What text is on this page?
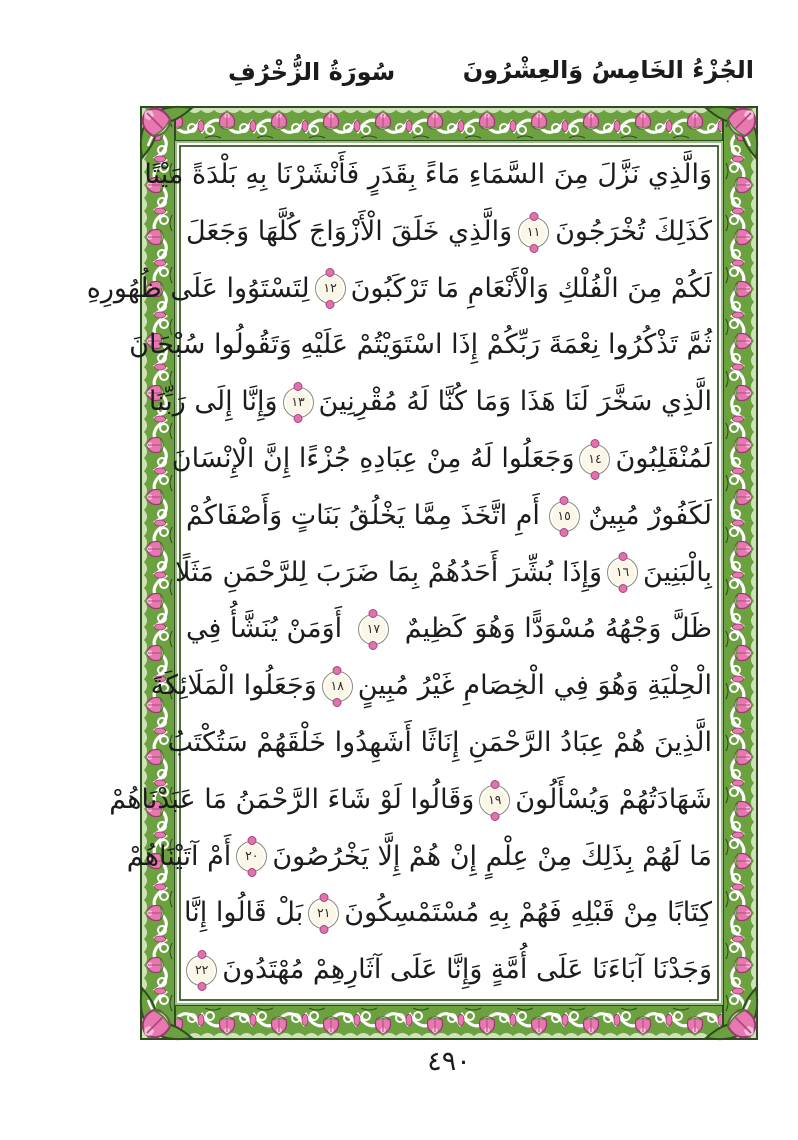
الجُزْءُ الخَامِسُ وَالعِشْرُونَ
سُورَةُ الزُّخْرُفِ
وَالَّذِي نَزَّلَ مِنَ السَّمَاءِ مَاءً بِقَدَرٍ فَأَنْشَرْنَا بِهِ بَلْدَةً مَيْتًا
كَذَلِكَ تُخْرَجُونَ
١١
وَالَّذِي خَلَقَ الْأَزْوَاجَ كُلَّهَا وَجَعَلَ
لَكُمْ مِنَ الْفُلْكِ وَالْأَنْعَامِ مَا تَرْكَبُونَ
١٢
لِتَسْتَوُوا عَلَى ظُهُورِهِ
ثُمَّ تَذْكُرُوا نِعْمَةَ رَبِّكُمْ إِذَا اسْتَوَيْتُمْ عَلَيْهِ وَتَقُولُوا سُبْحَانَ
الَّذِي سَخَّرَ لَنَا هَذَا وَمَا كُنَّا لَهُ مُقْرِنِينَ
١٣
وَإِنَّا إِلَى رَبِّنَا
لَمُنْقَلِبُونَ
١٤
وَجَعَلُوا لَهُ مِنْ عِبَادِهِ جُزْءًا إِنَّ الْإِنْسَانَ
لَكَفُورٌ مُبِينٌ
١٥
أَمِ اتَّخَذَ مِمَّا يَخْلُقُ بَنَاتٍ وَأَصْفَاكُمْ
بِالْبَنِينَ
١٦
وَإِذَا بُشِّرَ أَحَدُهُمْ بِمَا ضَرَبَ لِلرَّحْمَنِ مَثَلًا
ظَلَّ وَجْهُهُ مُسْوَدًّا وَهُوَ كَظِيمٌ
١٧
أَوَمَنْ يُنَشَّأُ فِي
الْحِلْيَةِ وَهُوَ فِي الْخِصَامِ غَيْرُ مُبِينٍ
١٨
وَجَعَلُوا الْمَلَائِكَةَ
الَّذِينَ هُمْ عِبَادُ الرَّحْمَنِ إِنَاثًا أَشَهِدُوا خَلْقَهُمْ سَتُكْتَبُ
شَهَادَتُهُمْ وَيُسْأَلُونَ
١٩
وَقَالُوا لَوْ شَاءَ الرَّحْمَنُ مَا عَبَدْنَاهُمْ
مَا لَهُمْ بِذَلِكَ مِنْ عِلْمٍ إِنْ هُمْ إِلَّا يَخْرُصُونَ
٢٠
أَمْ آتَيْنَاهُمْ
كِتَابًا مِنْ قَبْلِهِ فَهُمْ بِهِ مُسْتَمْسِكُونَ
٢١
بَلْ قَالُوا إِنَّا
وَجَدْنَا آبَاءَنَا عَلَى أُمَّةٍ وَإِنَّا عَلَى آثَارِهِمْ مُهْتَدُونَ
٢٢
٤٩٠
